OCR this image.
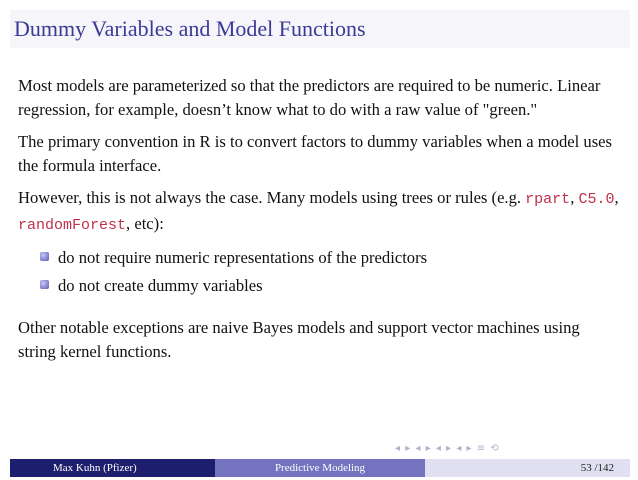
Dummy Variables and Model Functions

Most models are parameterized so that the predictors are required to be numeric. Linear regression, for example, doesn’t know what to do with a raw value of "green."

The primary convention in R is to convert factors to dummy variables when a model uses the formula interface.

However, this is not always the case. Many models using trees or rules (e.g. rpart, C5.0, randomForest, etc):

do not require numeric representations of the predictors
do not create dummy variables

Other notable exceptions are naive Bayes models and support vector machines using string kernel functions.

◂ ▸ ◂ ▸ ◂ ▸ ◂ ▸ ≡ ⟲
Max Kuhn (Pfizer)	Predictive Modeling	53 /142
